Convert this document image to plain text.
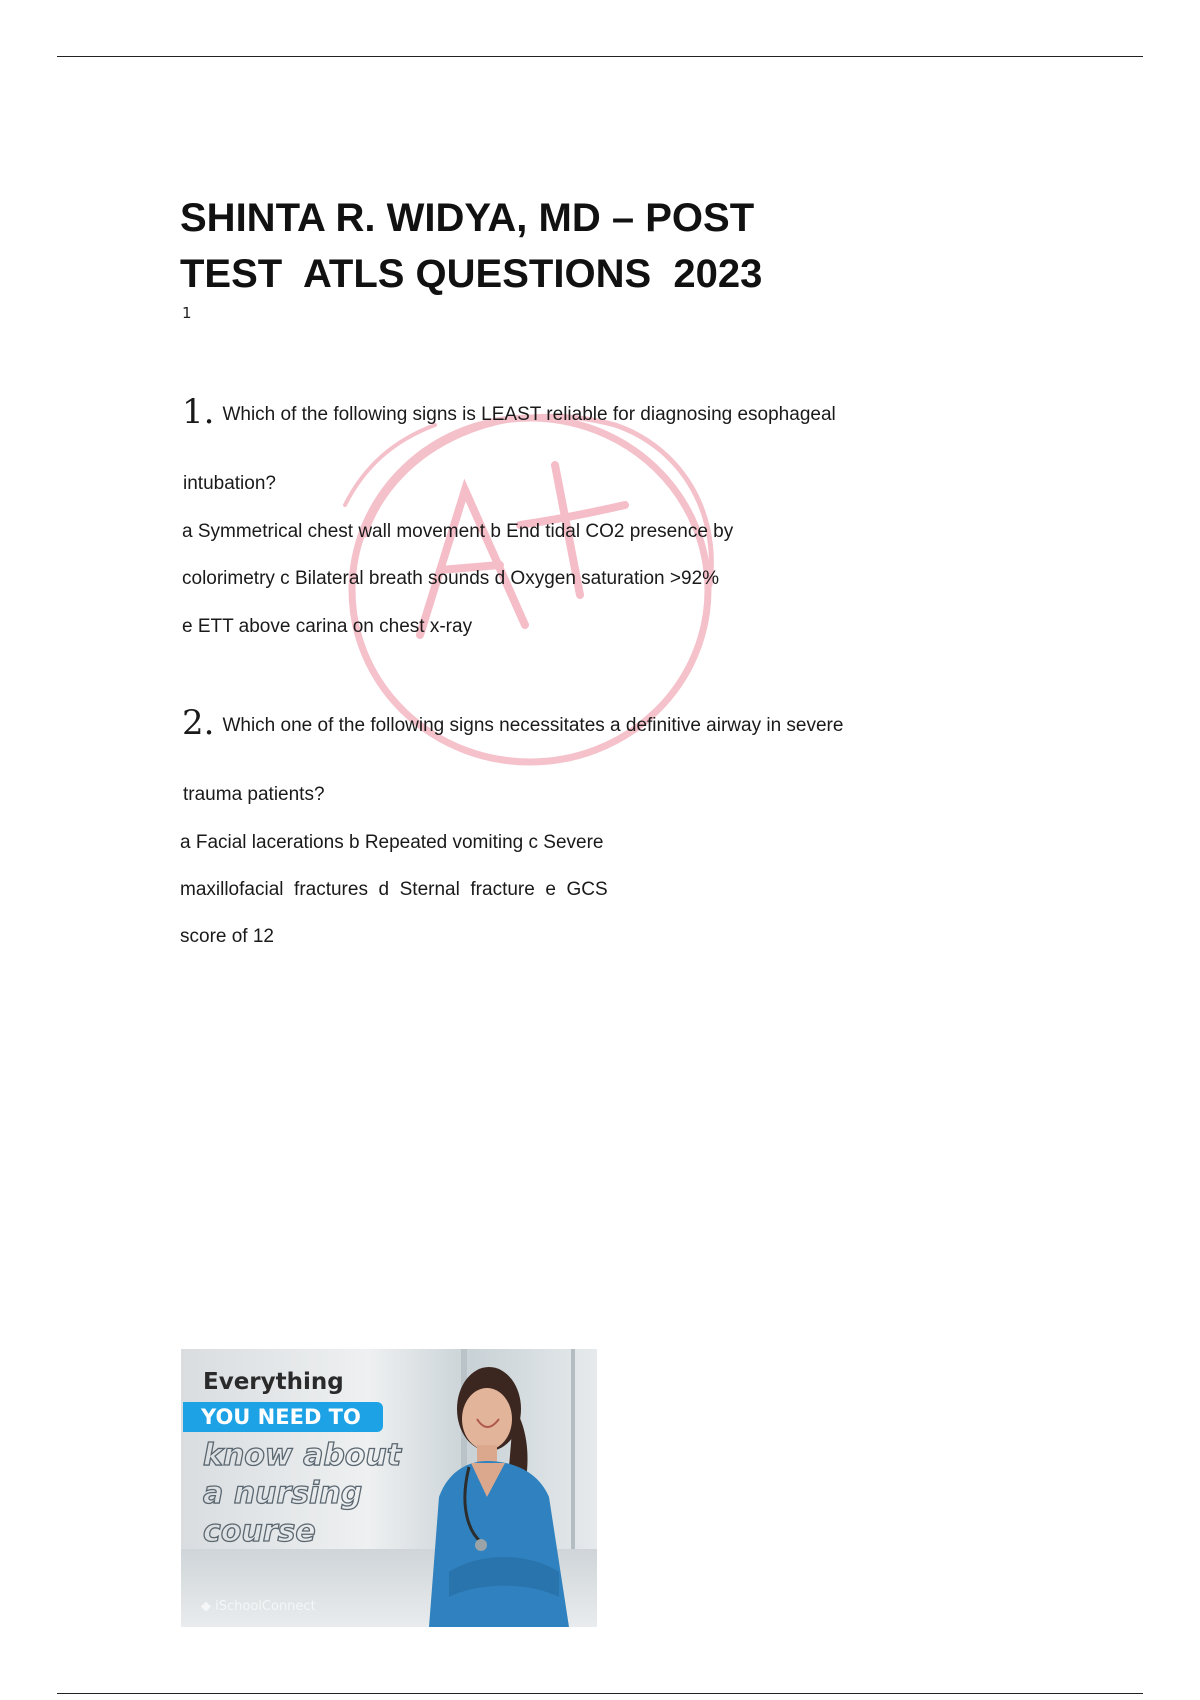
SHINTA R. WIDYA, MD – POST
TEST  ATLS QUESTIONS  2023
1
1. Which of the following signs is LEAST reliable for diagnosing esophageal
intubation?
a Symmetrical chest wall movement b End tidal CO2 presence by
colorimetry c Bilateral breath sounds d Oxygen saturation >92%
e ETT above carina on chest x-ray
2. Which one of the following signs necessitates a definitive airway in severe
trauma patients?
a Facial lacerations b Repeated vomiting c Severe
maxillofacial  fractures  d  Sternal  fracture  e  GCS
score of 12
Everything
YOU NEED TO
know about
a nursing
course
◆ iSchoolConnect
